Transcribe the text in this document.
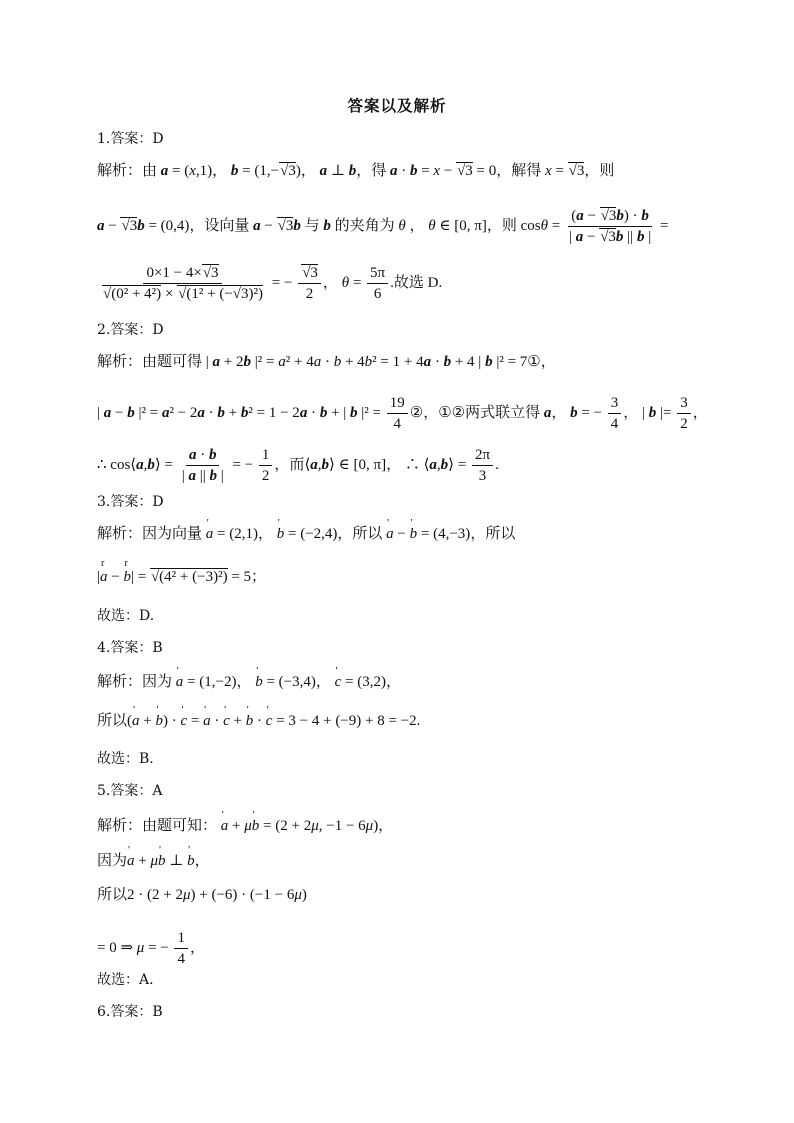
答案以及解析
1.答案：D
解析：由 a = (x,1)， b = (1,−√3)， a ⊥ b，得 a · b = x − √3 = 0，解得 x = √3，则
a − √3b = (0,4)，设向量 a − √3b 与 b 的夹角为 θ ， θ ∈ [0, π]，则 $\cos\theta = \frac{(a - √3b) \cdot b}{| a - √3b || b |}$ =
$\frac{0\times 1 - 4\times√3}{\text{√(0² + 4²) × √(1² + (−√3)²)}}$ = − $\frac{√3}{2}$ ， $\theta = \frac{5\pi}{6}$ .故选 D.
2.答案：D
解析：由题可得 | a + 2b |² = a² + 4a · b + 4b² = 1 + 4a · b + 4 | b |² = 7①，
| a − b |² = a² − 2a · b + b² = 1 − 2a · b + | b $|^2 = \frac{19}{4}$ ②，①②两式联立得 a， b = − $\frac{3}{4}$ ， | b |= $\frac{3}{2}$ ，
∴ cos⟨a,b⟩ = $\frac{a \cdot b}{| a || b |}$ = − $\frac{1}{2}$ ，而⟨a,b⟩ ∈ [0, π]， ∴ ⟨a,b⟩ = $\frac{2\pi}{3}$ .
3.答案：D
解析：因为向量 ' a = (2,1)， ' b = (−2,4)，所以 ' a − ' b = (4,−3)，所以
|r a − r b| = √(4² + (−3)²) = 5；
故选：D.
4.答案：B
解析：因为 ' a = (1,−2)， ' b = (−3,4)， ' c = (3,2)，
所以(' a + ' b) · ' c = ' a · ' c + ' b · ' c = 3 − 4 + (−9) + 8 = −2.
故选：B.
5.答案：A
解析：由题可知： ' a + μ' b = (2 + 2μ, −1 − 6μ)，
因为' a + μ' b ⊥ ' b，
所以2 · (2 + 2μ) + (−6) · (−1 − 6μ)
= 0 ⇒ μ = − $\frac{1}{4}$ ，
故选：A.
6.答案：B
